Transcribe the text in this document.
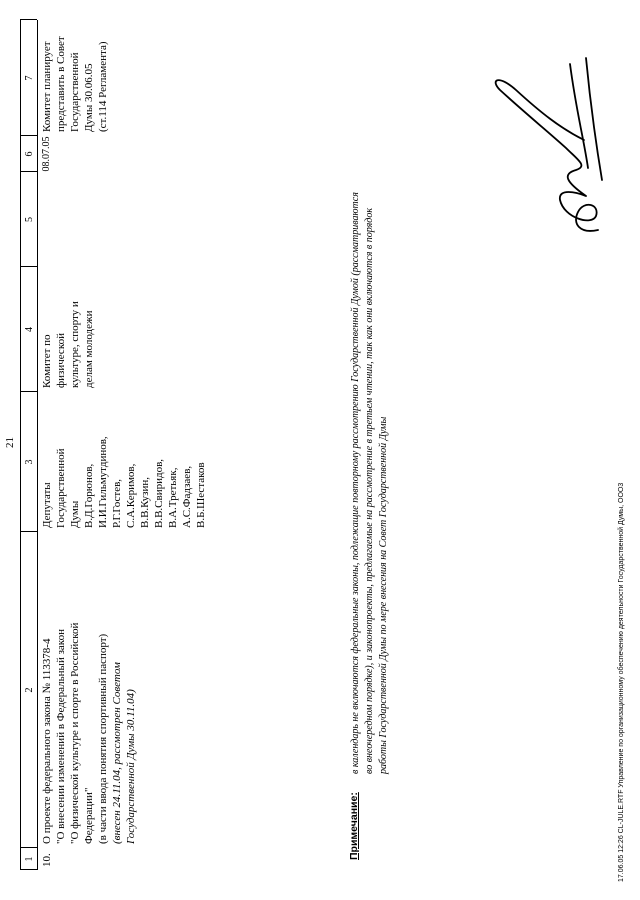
21
1
2
3
4
5
6
7
10.

О проекте федерального закона № 113378-4 "О внесении изменений в Федеральный закон "О физической культуре и спорте в Российской Федерации" (в части ввода понятия спортивный паспорт) (внесен 24.11.04, рассмотрен Советом Государственной Думы 30.11.04)

Депутаты Государственной Думы В.Д.Горюнов, И.И.Гильмутдинов, Р.Г.Гостев, С.А.Керимов, В.В.Кузин, В.В.Свиридов, В.А.Третьяк, А.С.Фадзаев, В.Б.Шестаков

Комитет по физической культуре, спорту и делам молодежи

08.07.05

Комитет планирует представить в Совет Государственной Думы 30.06.05 (ст.114 Регламента)

Примечание:

в календарь не включаются федеральные законы, подлежащие повторному рассмотрению Государственной Думой (рассматриваются во внеочередном порядке), и законопроекты, предлагаемые на рассмотрение в третьем чтении, так как они включаются в порядок работы Государственной Думы по мере внесения на Совет Государственной Думы	17.06.05 12:26 CL-JULE.RTF Управление по организационному обеспечению деятельности Государственной Думы, ООО3
